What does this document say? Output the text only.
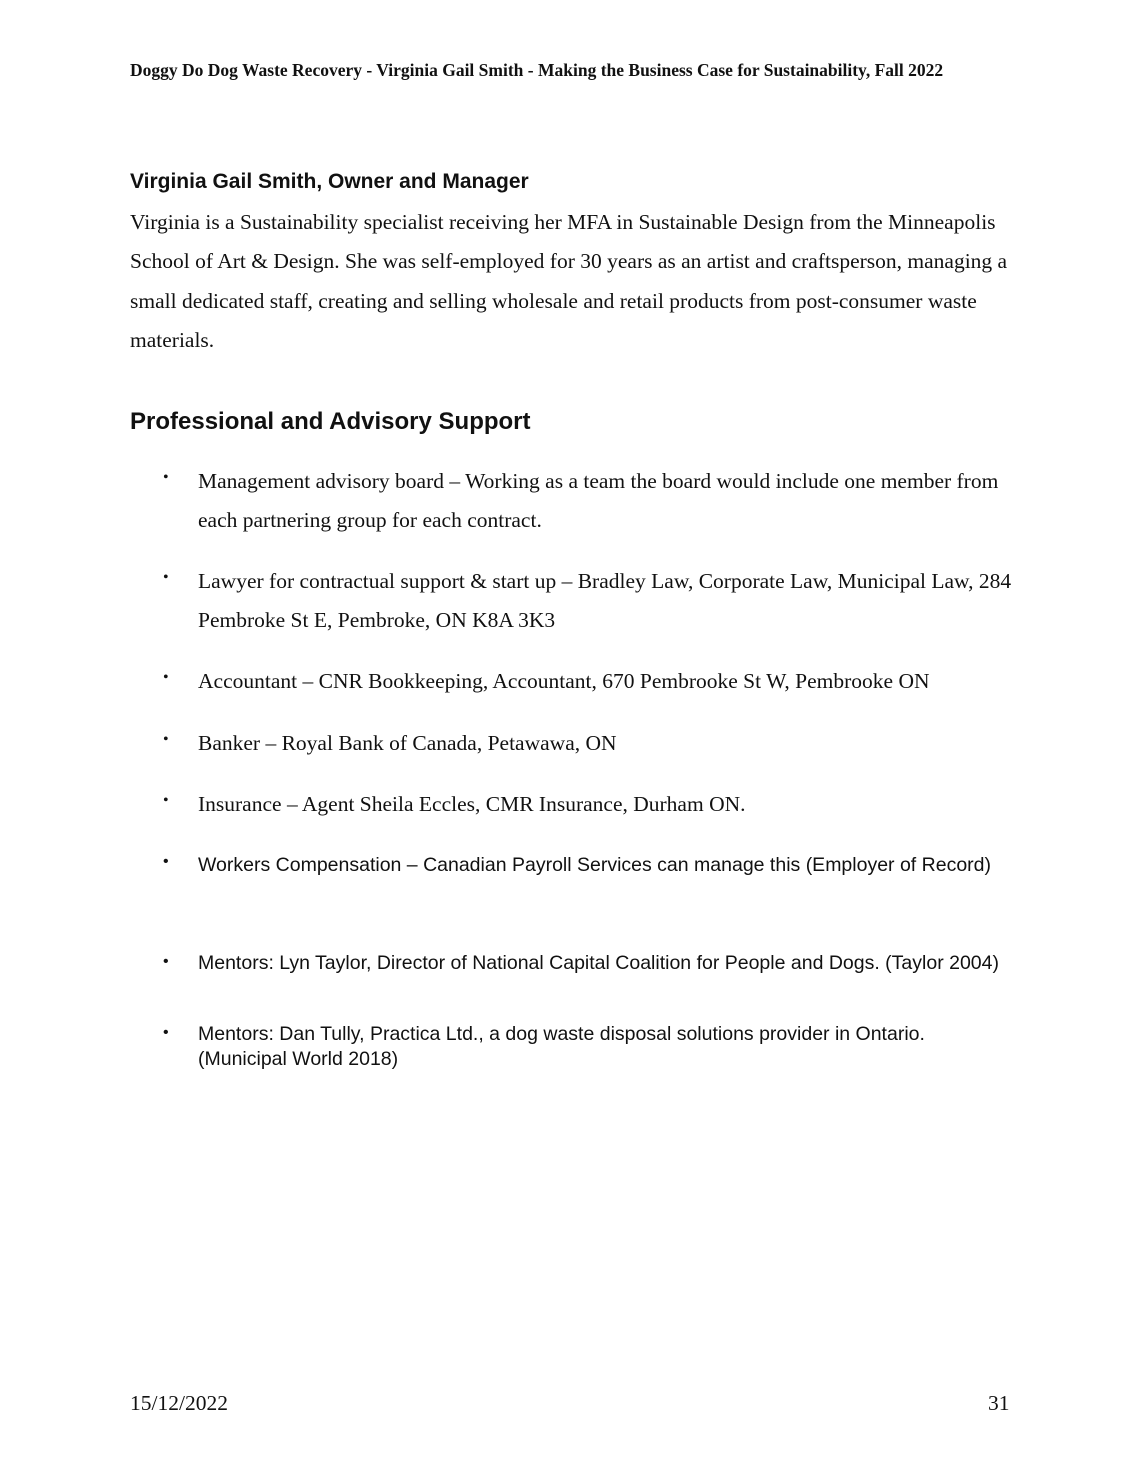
Doggy Do Dog Waste Recovery - Virginia Gail Smith - Making the Business Case for Sustainability, Fall 2022
Virginia Gail Smith, Owner and Manager
Virginia is a Sustainability specialist receiving her MFA in Sustainable Design from the Minneapolis School of Art & Design. She was self-employed for 30 years as an artist and craftsperson, managing a small dedicated staff, creating and selling wholesale and retail products from post-consumer waste materials.
Professional and Advisory Support
• Management advisory board – Working as a team the board would include one member from each partnering group for each contract.
• Lawyer for contractual support & start up – Bradley Law, Corporate Law, Municipal Law, 284 Pembroke St E, Pembroke, ON K8A 3K3
• Accountant – CNR Bookkeeping, Accountant, 670 Pembrooke St W, Pembrooke ON
• Banker – Royal Bank of Canada, Petawawa, ON
• Insurance – Agent Sheila Eccles, CMR Insurance, Durham ON.
• Workers Compensation – Canadian Payroll Services can manage this (Employer of Record)
• Mentors: Lyn Taylor, Director of National Capital Coalition for People and Dogs. (Taylor 2004)
• Mentors: Dan Tully, Practica Ltd., a dog waste disposal solutions provider in Ontario. (Municipal World 2018)
15/12/2022	31
